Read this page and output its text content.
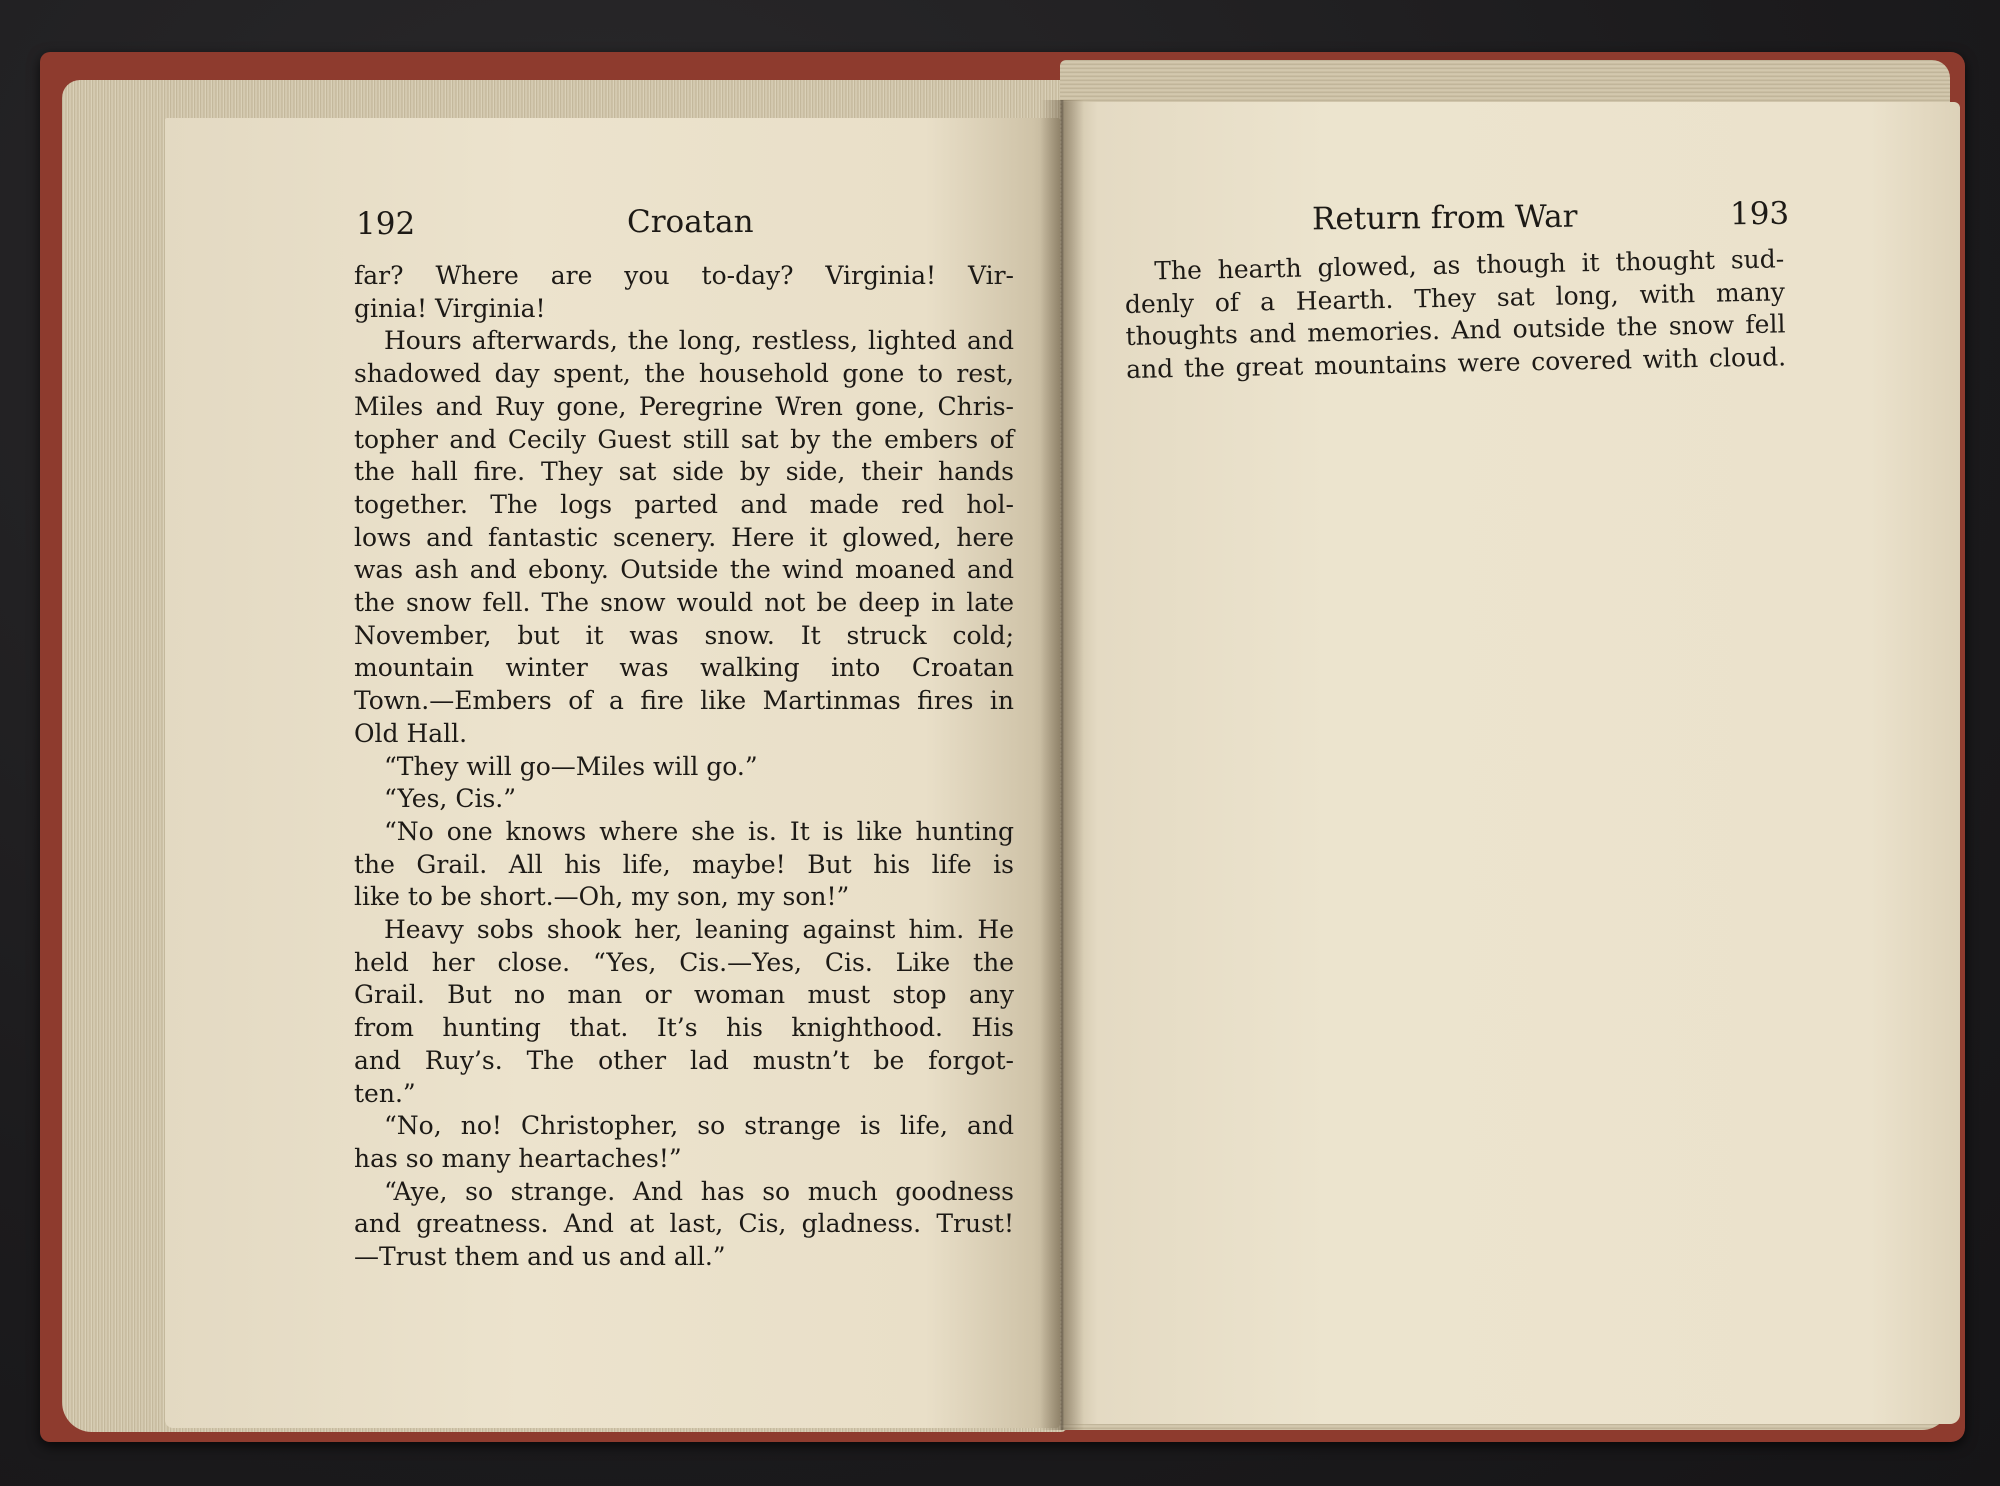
192	Croatan
far? Where are you to-day? Virginia! Vir-
ginia! Virginia!
Hours afterwards, the long, restless, lighted and
shadowed day spent, the household gone to rest,
Miles and Ruy gone, Peregrine Wren gone, Chris-
topher and Cecily Guest still sat by the embers of
the hall fire. They sat side by side, their hands
together. The logs parted and made red hol-
lows and fantastic scenery. Here it glowed, here
was ash and ebony. Outside the wind moaned and
the snow fell. The snow would not be deep in late
November, but it was snow. It struck cold;
mountain winter was walking into Croatan
Town.—Embers of a fire like Martinmas fires in
Old Hall.
“They will go—Miles will go.”
“Yes, Cis.”
“No one knows where she is. It is like hunting
the Grail. All his life, maybe! But his life is
like to be short.—Oh, my son, my son!”
Heavy sobs shook her, leaning against him. He
held her close. “Yes, Cis.—Yes, Cis. Like the
Grail. But no man or woman must stop any
from hunting that. It’s his knighthood. His
and Ruy’s. The other lad mustn’t be forgot-
ten.”
“No, no! Christopher, so strange is life, and
has so many heartaches!”
“Aye, so strange. And has so much goodness
and greatness. And at last, Cis, gladness. Trust!
—Trust them and us and all.”
Return from War	193
The hearth glowed, as though it thought sud-
denly of a Hearth. They sat long, with many
thoughts and memories. And outside the snow fell
and the great mountains were covered with cloud.
